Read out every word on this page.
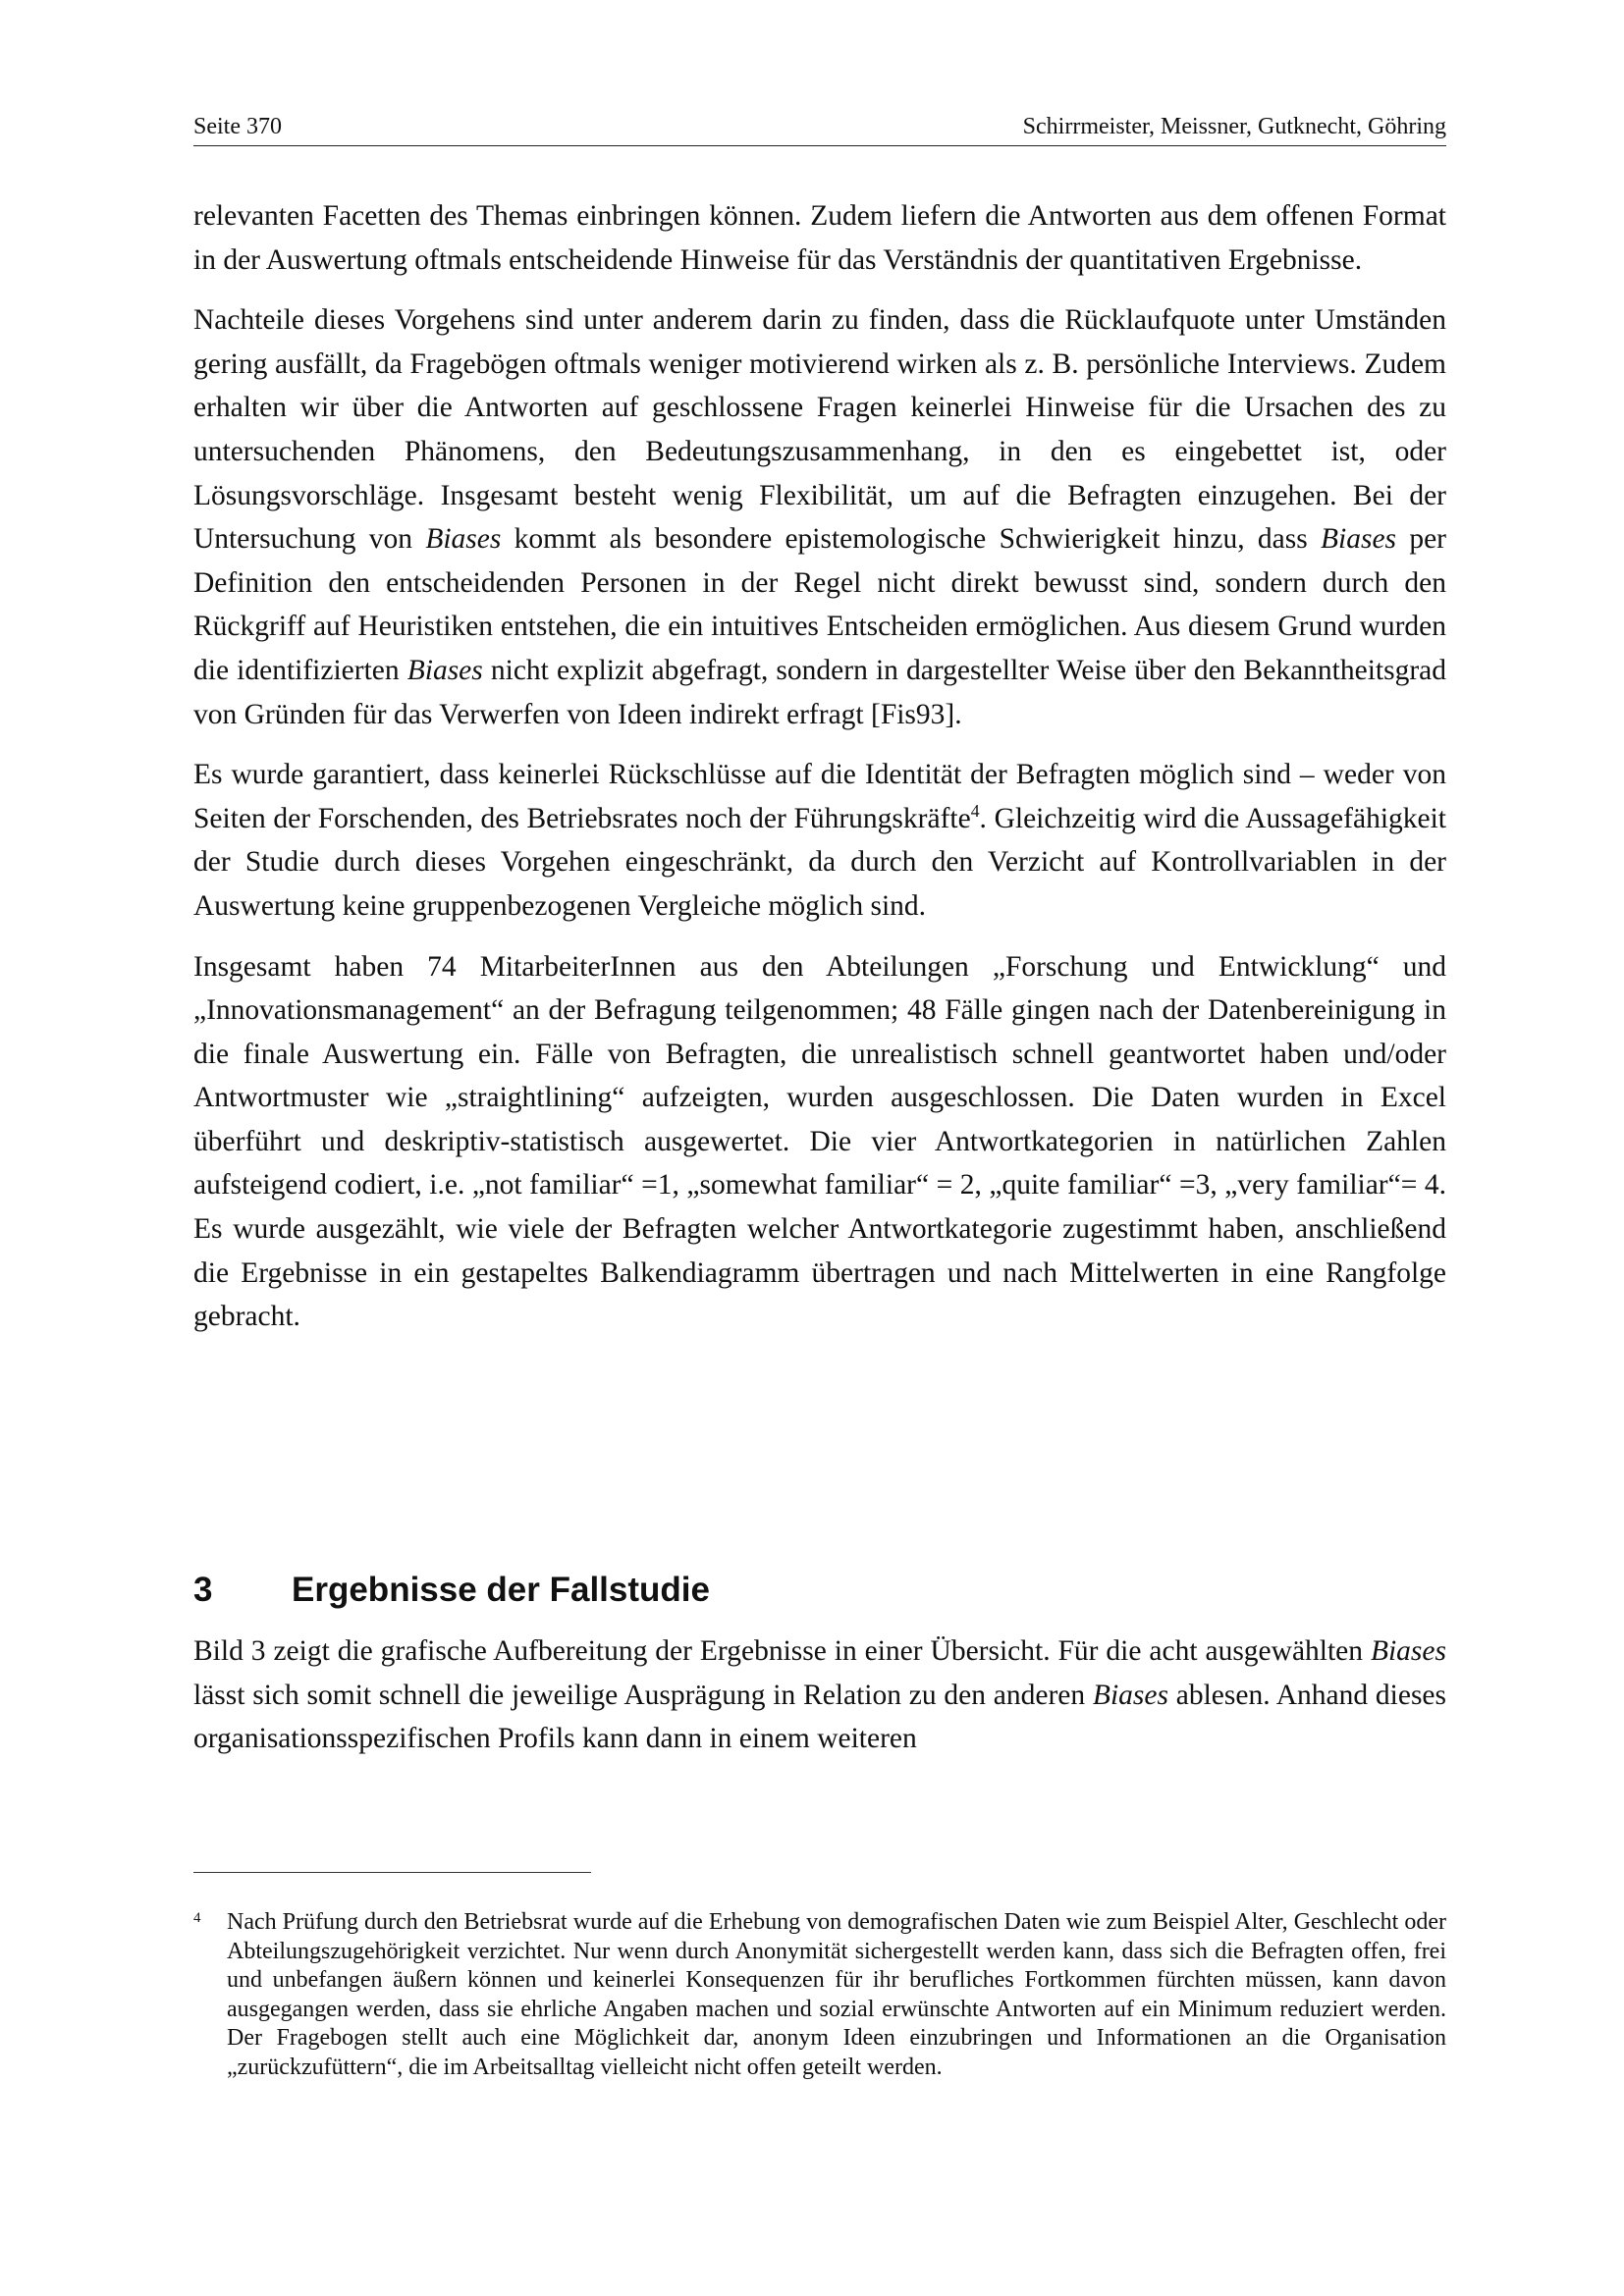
Seite 370	Schirrmeister, Meissner, Gutknecht, Göhring

relevanten Facetten des Themas einbringen können. Zudem liefern die Antworten aus dem offenen Format in der Auswertung oftmals entscheidende Hinweise für das Verständnis der quantitativen Ergebnisse.

Nachteile dieses Vorgehens sind unter anderem darin zu finden, dass die Rücklaufquote unter Umständen gering ausfällt, da Fragebögen oftmals weniger motivierend wirken als z. B. persönliche Interviews. Zudem erhalten wir über die Antworten auf geschlossene Fragen keinerlei Hinweise für die Ursachen des zu untersuchenden Phänomens, den Bedeutungszusammenhang, in den es eingebettet ist, oder Lösungsvorschläge. Insgesamt besteht wenig Flexibilität, um auf die Befragten einzugehen. Bei der Untersuchung von Biases kommt als besondere epistemologische Schwierigkeit hinzu, dass Biases per Definition den entscheidenden Personen in der Regel nicht direkt bewusst sind, sondern durch den Rückgriff auf Heuristiken entstehen, die ein intuitives Entscheiden ermöglichen. Aus diesem Grund wurden die identifizierten Biases nicht explizit abgefragt, sondern in dargestellter Weise über den Bekanntheitsgrad von Gründen für das Verwerfen von Ideen indirekt erfragt [Fis93].

Es wurde garantiert, dass keinerlei Rückschlüsse auf die Identität der Befragten möglich sind – weder von Seiten der Forschenden, des Betriebsrates noch der Führungskräfte$^4$. Gleichzeitig wird die Aussagefähigkeit der Studie durch dieses Vorgehen eingeschränkt, da durch den Verzicht auf Kontrollvariablen in der Auswertung keine gruppenbezogenen Vergleiche möglich sind.

Insgesamt haben 74 MitarbeiterInnen aus den Abteilungen „Forschung und Entwicklung“ und „Innovationsmanagement“ an der Befragung teilgenommen; 48 Fälle gingen nach der Datenbereinigung in die finale Auswertung ein. Fälle von Befragten, die unrealistisch schnell geantwortet haben und/oder Antwortmuster wie „straightlining“ aufzeigten, wurden ausgeschlossen. Die Daten wurden in Excel überführt und deskriptiv-statistisch ausgewertet. Die vier Antwortkategorien in natürlichen Zahlen aufsteigend codiert, i.e. „not familiar“ =1, „somewhat familiar“ = 2, „quite familiar“ =3, „very familiar“= 4. Es wurde ausgezählt, wie viele der Befragten welcher Antwortkategorie zugestimmt haben, anschließend die Ergebnisse in ein gestapeltes Balkendiagramm übertragen und nach Mittelwerten in eine Rangfolge gebracht.

3	Ergebnisse der Fallstudie

Bild 3 zeigt die grafische Aufbereitung der Ergebnisse in einer Übersicht. Für die acht ausgewählten Biases lässt sich somit schnell die jeweilige Ausprägung in Relation zu den anderen Biases ablesen. Anhand dieses organisationsspezifischen Profils kann dann in einem weiteren

4	Nach Prüfung durch den Betriebsrat wurde auf die Erhebung von demografischen Daten wie zum Beispiel Alter, Geschlecht oder Abteilungszugehörigkeit verzichtet. Nur wenn durch Anonymität sichergestellt werden kann, dass sich die Befragten offen, frei und unbefangen äußern können und keinerlei Konsequenzen für ihr berufliches Fortkommen fürchten müssen, kann davon ausgegangen werden, dass sie ehrliche Angaben machen und sozial erwünschte Antworten auf ein Minimum reduziert werden. Der Fragebogen stellt auch eine Möglichkeit dar, anonym Ideen einzubringen und Informationen an die Organisation „zurückzufüttern“, die im Arbeitsalltag vielleicht nicht offen geteilt werden.
